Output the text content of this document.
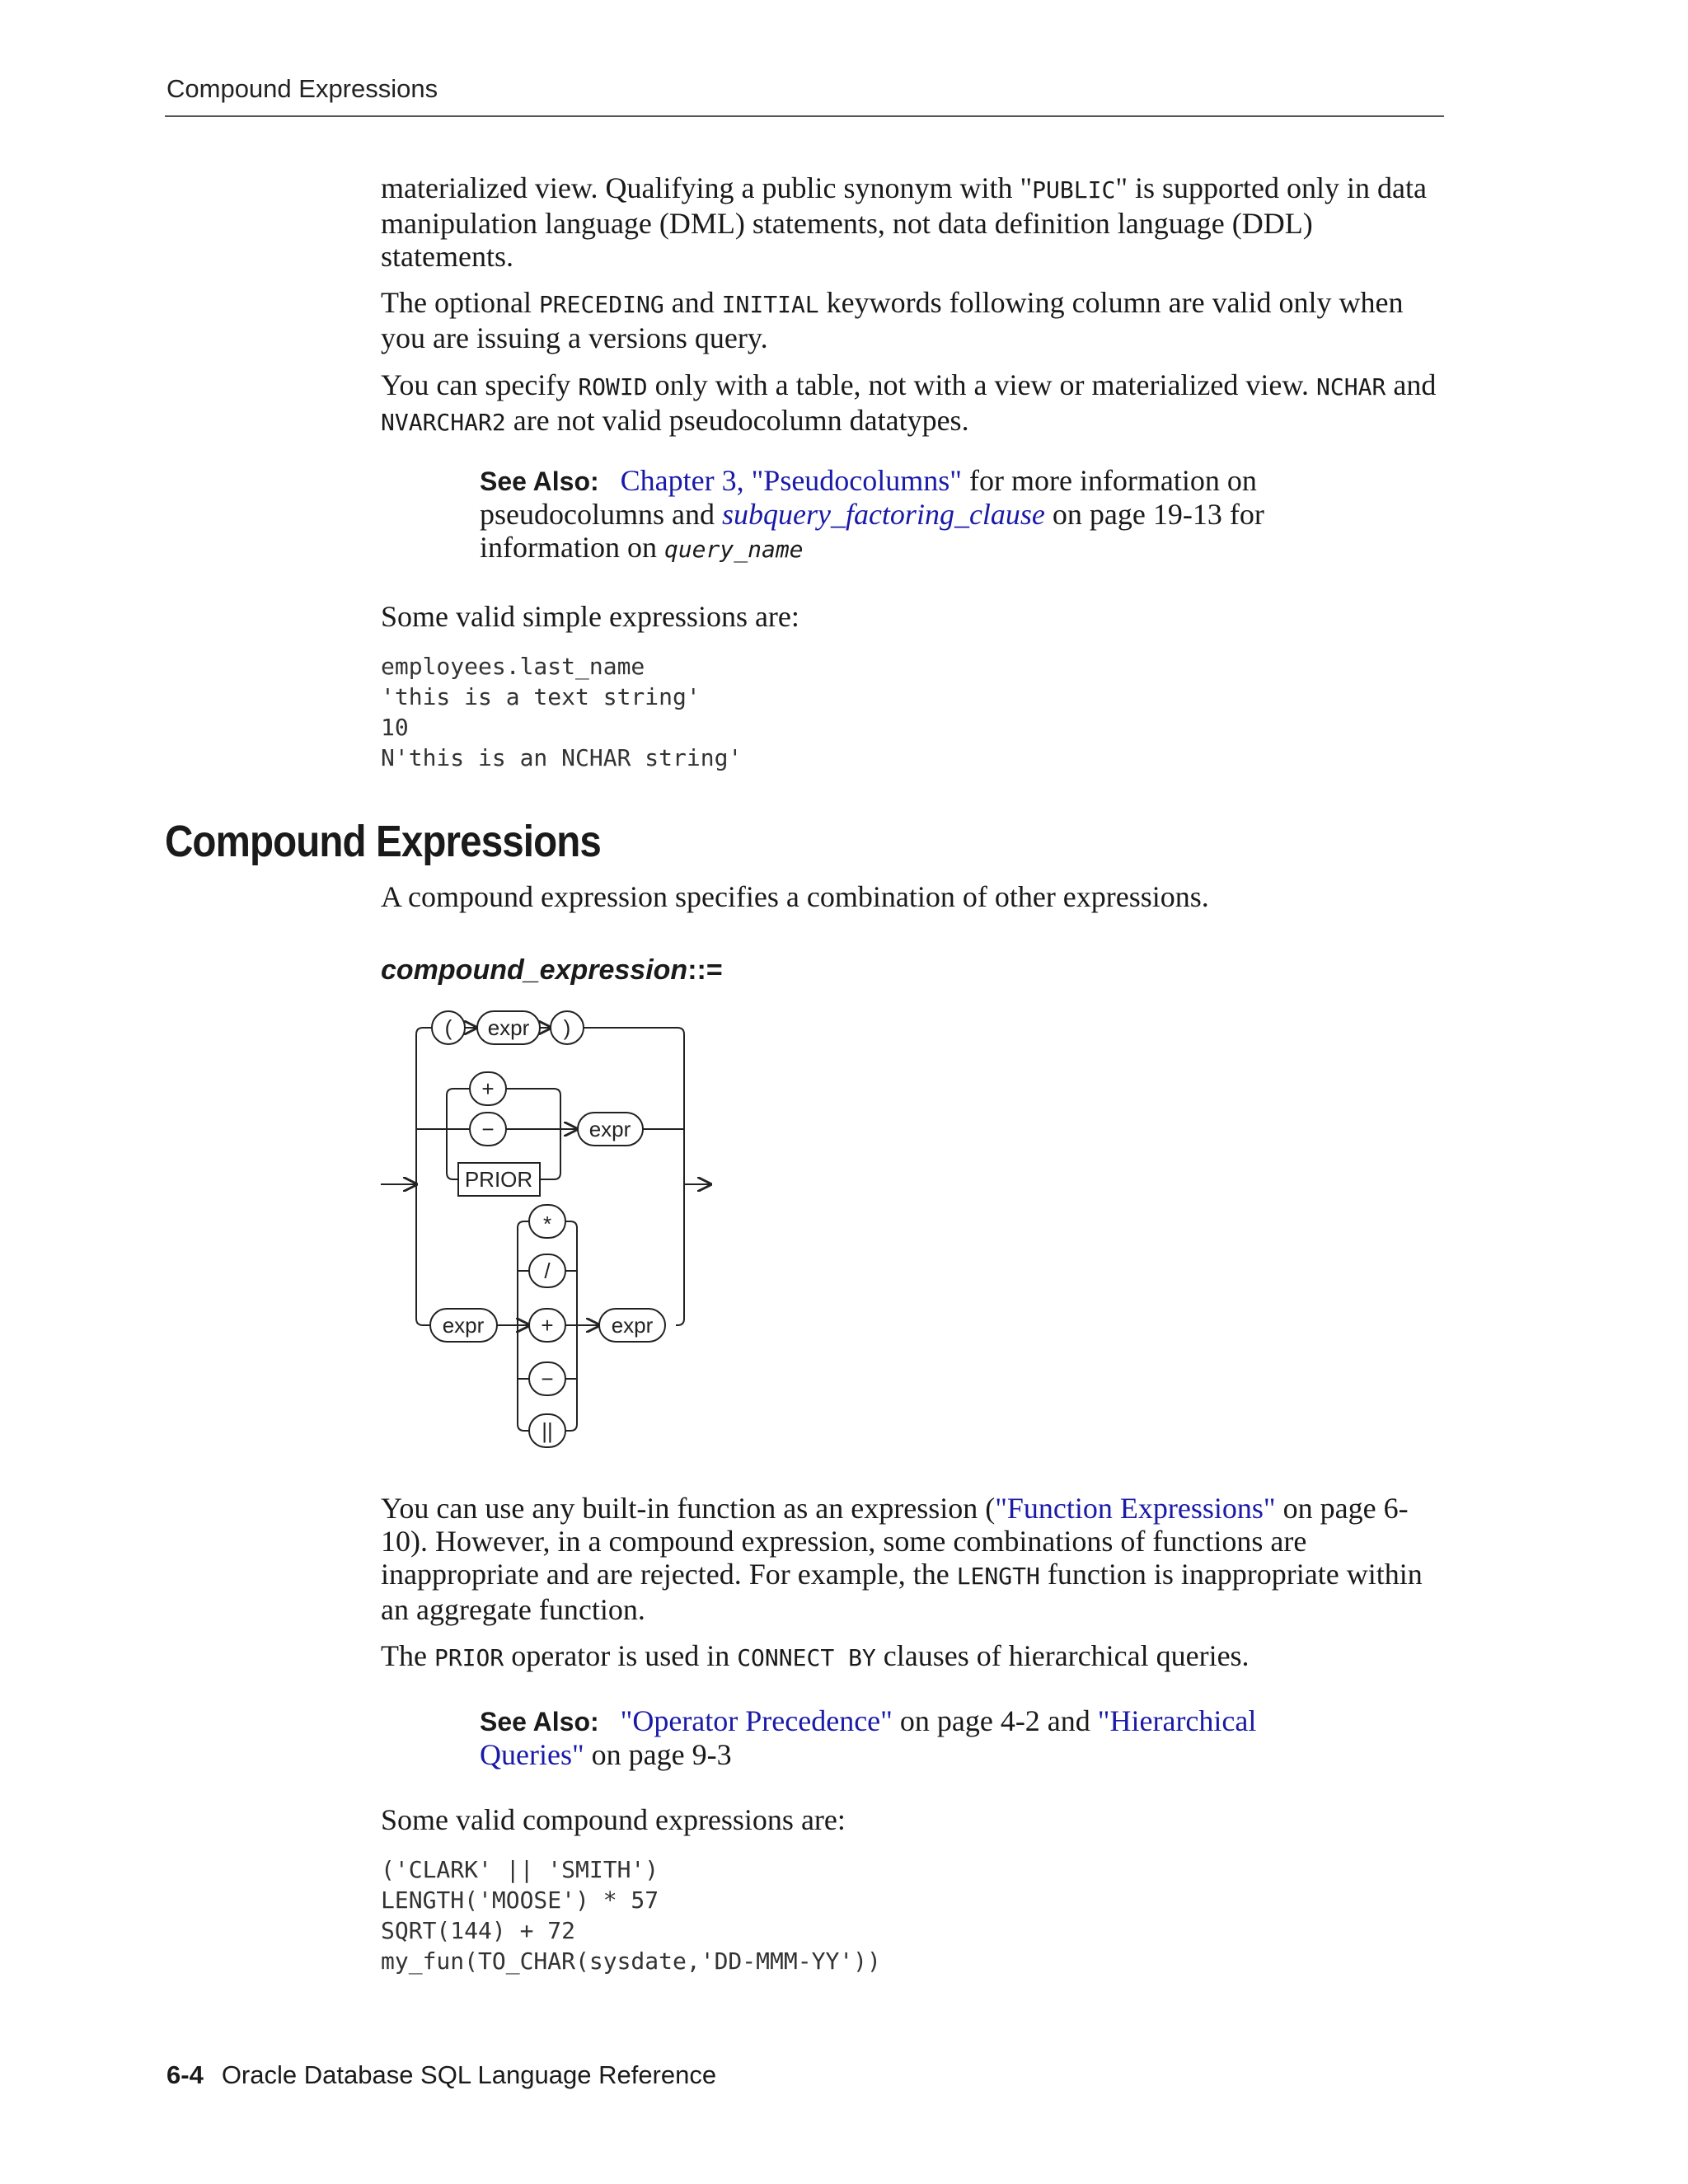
Compound Expressions

materialized view. Qualifying a public synonym with "PUBLIC" is supported only in data manipulation language (DML) statements, not data definition language (DDL) statements.

The optional PRECEDING and INITIAL keywords following column are valid only when you are issuing a versions query.

You can specify ROWID only with a table, not with a view or materialized view. NCHAR and NVARCHAR2 are not valid pseudocolumn datatypes.

See Also: Chapter 3, "Pseudocolumns" for more information on pseudocolumns and subquery_factoring_clause on page 19-13 for information on query_name

Some valid simple expressions are:

employees.last_name
'this is a text string'
10
N'this is an NCHAR string'
Compound Expressions

A compound expression specifies a combination of other expressions.

compound_expression::=
( expr )
+
−
PRIOR
expr
expr
*
/
+
−
||
expr

You can use any built-in function as an expression ("Function Expressions" on page 6-10). However, in a compound expression, some combinations of functions are inappropriate and are rejected. For example, the LENGTH function is inappropriate within an aggregate function.

The PRIOR operator is used in CONNECT BY clauses of hierarchical queries.

See Also: "Operator Precedence" on page 4-2 and "Hierarchical Queries" on page 9-3

Some valid compound expressions are:

('CLARK' || 'SMITH')
LENGTH('MOOSE') * 57
SQRT(144) + 72
my_fun(TO_CHAR(sysdate,'DD-MMM-YY'))
6-4 Oracle Database SQL Language Reference
